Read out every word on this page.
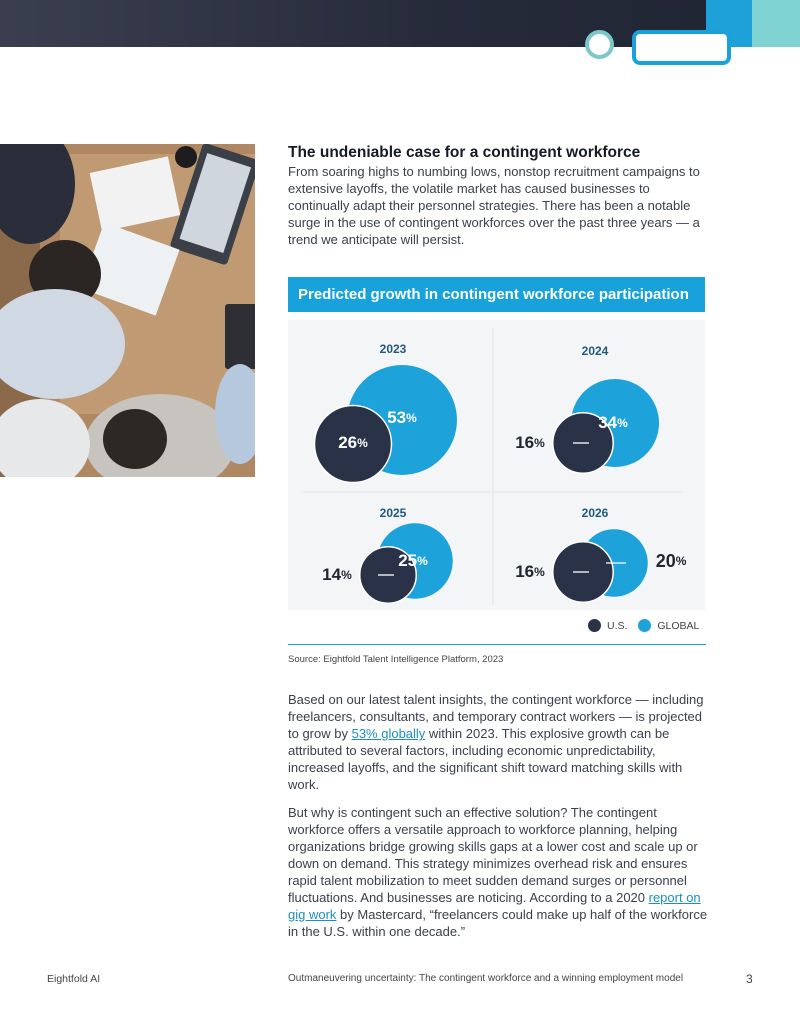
The undeniable case for a contingent workforce

From soaring highs to numbing lows, nonstop recruitment campaigns to extensive layoffs, the volatile market has caused businesses to continually adapt their personnel strategies. There has been a notable surge in the use of contingent workforces over the past three years — a trend we anticipate will persist.

Predicted growth in contingent workforce participation
2023
53%
26%
2024
34%
16%
2025
25%
14%
2026
20%
16%
U.S.
	GLOBAL
Source: Eightfold Talent Intelligence Platform, 2023

Based on our latest talent insights, the contingent workforce — including freelancers, consultants, and temporary contract workers — is projected to grow by 53% globally within 2023. This explosive growth can be attributed to several factors, including economic unpredictability, increased layoffs, and the significant shift toward matching skills with work.

But why is contingent such an effective solution? The contingent workforce offers a versatile approach to workforce planning, helping organizations bridge growing skills gaps at a lower cost and scale up or down on demand. This strategy minimizes overhead risk and ensures rapid talent mobilization to meet sudden demand surges or personnel fluctuations. And businesses are noticing. According to a 2020 report on gig work by Mastercard, “freelancers could make up half of the workforce in the U.S. within one decade.”

Eightfold AI	Outmaneuvering uncertainty: The contingent workforce and a winning employment model	3
